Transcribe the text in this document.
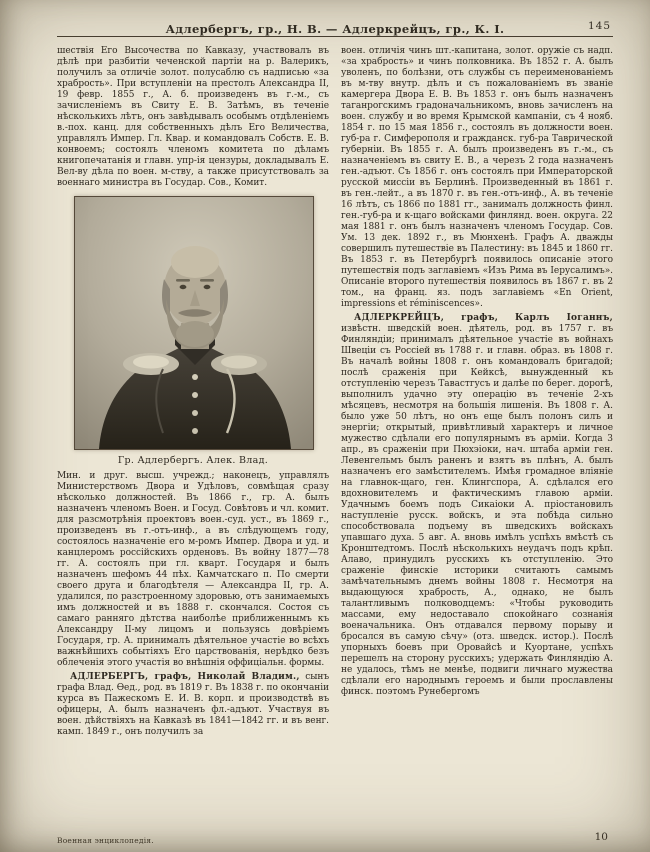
Адлербергъ, гр., Н. В. — Адлеркрейцъ, гр., К. I.	145

шествія Его Высочества по Кавказу, участвовалъ въ дѣлѣ при разбитіи чеченской партіи на р. Валерикъ, получилъ за отличіе золот. полусаблю съ надписью «за храбрость». При вступленіи на престолъ Александра II, 19 февр. 1855 г., А. б. произведенъ въ г.-м., съ зачисленіемъ въ Свиту Е. В. Затѣмъ, въ теченіе нѣсколькихъ лѣтъ, онъ завѣдывалъ особымъ отдѣленіемъ в.-пох. канц. для собственныхъ дѣлъ Его Величества, управлялъ Импер. Гл. Квар. и командовалъ Собств. Е. В. конвоемъ; состоялъ членомъ комитета по дѣламъ книгопечатанія и главн. упр-ія цензуры, докладывалъ Е. Вел-ву дѣла по воен. м-ству, а также присутствовалъ за военнаго министра въ Государ. Сов., Комит.

Гр. Адлербергъ. Алек. Влад.

Мин. и друг. высш. учрежд.; наконецъ, управлялъ Министерствомъ Двора и Удѣловъ, совмѣщая сразу нѣсколько должностей. Въ 1866 г., гр. А. былъ назначенъ членомъ Воен. и Госуд. Совѣтовъ и чл. комит. для разсмотрѣнія проектовъ воен.-суд. уст., въ 1869 г., произведенъ въ г.-отъ-инф., а въ слѣдующемъ году, состоялось назначеніе его м-ромъ Импер. Двора и уд. и канцлеромъ россійскихъ орденовъ. Въ войну 1877—78 гг. А. состоялъ при гл. кварт. Государя и былъ назначенъ шефомъ 44 пѣх. Камчатскаго п. По смерти своего друга и благодѣтеля — Александра II, гр. А. удалился, по разстроенному здоровью, отъ занимаемыхъ имъ должностей и въ 1888 г. скончался. Состоя съ самаго ранняго дѣтства наиболѣе приближеннымъ къ Александру II-му лицомъ и пользуясь довѣріемъ Государя, гр. А. принималъ дѣятельное участіе во всѣхъ важнѣйшихъ событіяхъ Его царствованія, нерѣдко безъ облеченія этого участія во внѣшнія оффиціальн. формы.

АДЛЕРБЕРГЪ, графъ, Николай Владим., сынъ графа Влад. Ѳед., род. въ 1819 г. Въ 1838 г. по окончаніи курса въ Пажескомъ Е. И. В. корп. и производствѣ въ офицеры, А. былъ назначенъ фл.-адъют. Участвуя въ воен. дѣйствіяхъ на Кавказѣ въ 1841—1842 гг. и въ венг. камп. 1849 г., онъ получилъ за

воен. отличія чинъ шт.-капитана, золот. оружіе съ надп. «за храбрость» и чинъ полковника. Въ 1852 г. А. былъ уволенъ, по болѣзни, отъ службы съ переименованіемъ въ м-тву внутр. дѣлъ и съ пожалованіемъ въ званіе камергера Двора Е. В. Въ 1853 г. онъ былъ назначенъ таганрогскимъ градоначальникомъ, вновь зачисленъ на воен. службу и во время Крымской кампаніи, съ 4 нояб. 1854 г. по 15 мая 1856 г., состоялъ въ должности воен. губ-ра г. Симферополя и гражданск. губ-ра Таврической губерніи. Въ 1855 г. А. былъ произведенъ въ г.-м., съ назначеніемъ въ свиту Е. В., а черезъ 2 года назначенъ ген.-адъют. Съ 1856 г. онъ состоялъ при Императорской русской миссіи въ Берлинѣ. Произведенный въ 1861 г. въ ген.-лейт., а въ 1870 г. въ ген.-отъ-инф., А. въ теченіе 16 лѣтъ, съ 1866 по 1881 гг., занималъ должность финл. ген.-губ-ра и к-щаго войсками финлянд. воен. округа. 22 мая 1881 г. онъ былъ назначенъ членомъ Государ. Сов. Ум. 13 дек. 1892 г., въ Мюнхенѣ. Графъ А. дважды совершилъ путешествіе въ Палестину: въ 1845 и 1860 гг. Въ 1853 г. въ Петербургѣ появилось описаніе этого путешествія подъ заглавіемъ «Изъ Рима въ Іерусалимъ». Описаніе второго путешествія появилось въ 1867 г. въ 2 том., на франц. яз. подъ заглавіемъ «En Orient, impressions et réminiscences».

АДЛЕРКРЕЙЦЪ, графъ, Карлъ Іоганнъ, извѣстн. шведскій воен. дѣятель, род. въ 1757 г. въ Финляндіи; принималъ дѣятельное участіе въ войнахъ Швеціи съ Россіей въ 1788 г. и главн. образ. въ 1808 г. Въ началѣ войны 1808 г. онъ командовалъ бригадой; послѣ сраженія при Кейксѣ, вынужденный къ отступленію черезъ Тавастгусъ и далѣе по берег. дорогѣ, выполнилъ удачно эту операцію въ теченіе 2-хъ мѣсяцевъ, несмотря на большія лишенія. Въ 1808 г. А. было уже 50 лѣтъ, но онъ еще былъ полонъ силъ и энергіи; открытый, привѣтливый характеръ и личное мужество сдѣлали его популярнымъ въ арміи. Когда 3 апр., въ сраженіи при Пюхэіоки, нач. штаба арміи ген. Левенгельмъ былъ раненъ и взятъ въ плѣнъ, А. былъ назначенъ его замѣстителемъ. Имѣя громадное вліяніе на главнок-щаго, ген. Клингспора, А. сдѣлался его вдохновителемъ и фактическимъ главою арміи. Удачнымъ боемъ подъ Сикаіоки А. пріостановилъ наступленіе русск. войскъ, и эта побѣда сильно способствовала подъему въ шведскихъ войскахъ упавшаго духа. 5 авг. А. вновь имѣлъ успѣхъ вмѣстѣ съ Кронштедтомъ. Послѣ нѣсколькихъ неудачъ подъ крѣп. Алаво, принудилъ русскихъ къ отступленію. Это сраженіе финскіе историки считаютъ самымъ замѣчательнымъ днемъ войны 1808 г. Несмотря на выдающуюся храбрость, А., однако, не былъ талантливымъ полководцемъ: «Чтобы руководить массами, ему недоставало спокойнаго сознанія военачальника. Онъ отдавался первому порыву и бросался въ самую сѣчу» (отз. шведск. истор.). Послѣ упорныхъ боевъ при Оровайсѣ и Куортане, успѣхъ перешелъ на сторону русскихъ; удержать Финляндію А. не удалось, тѣмъ не менѣе, подвиги личнаго мужества сдѣлали его народнымъ героемъ и были прославлены финск. поэтомъ Рунебергомъ

Военная энциклопедія.	10
